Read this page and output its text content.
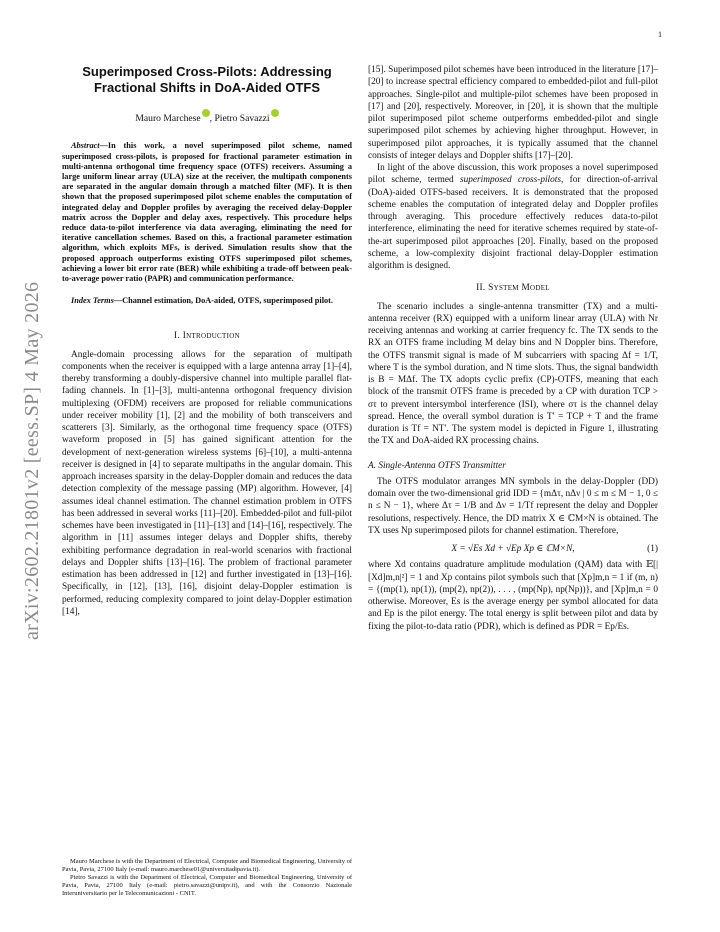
1
arXiv:2602.21801v2 [eess.SP] 4 May 2026
Superimposed Cross-Pilots: Addressing Fractional Shifts in DoA-Aided OTFS
Mauro Marchese , Pietro Savazzi

Abstract—In this work, a novel superimposed pilot scheme, named superimposed cross-pilots, is proposed for fractional parameter estimation in multi-antenna orthogonal time frequency space (OTFS) receivers. Assuming a large uniform linear array (ULA) size at the receiver, the multipath components are separated in the angular domain through a matched filter (MF). It is then shown that the proposed superimposed pilot scheme enables the computation of integrated delay and Doppler profiles by averaging the received delay-Doppler matrix across the Doppler and delay axes, respectively. This procedure helps reduce data-to-pilot interference via data averaging, eliminating the need for iterative cancellation schemes. Based on this, a fractional parameter estimation algorithm, which exploits MFs, is derived. Simulation results show that the proposed approach outperforms existing OTFS superimposed pilot schemes, achieving a lower bit error rate (BER) while exhibiting a trade-off between peak-to-average power ratio (PAPR) and communication performance.

Index Terms—Channel estimation, DoA-aided, OTFS, superimposed pilot.

I. Introduction

Angle-domain processing allows for the separation of multipath components when the receiver is equipped with a large antenna array [1]–[4], thereby transforming a doubly-dispersive channel into multiple parallel flat-fading channels. In [1]–[3], multi-antenna orthogonal frequency division multiplexing (OFDM) receivers are proposed for reliable communications under receiver mobility [1], [2] and the mobility of both transceivers and scatterers [3]. Similarly, as the orthogonal time frequency space (OTFS) waveform proposed in [5] has gained significant attention for the development of next-generation wireless systems [6]–[10], a multi-antenna receiver is designed in [4] to separate multipaths in the angular domain. This approach increases sparsity in the delay-Doppler domain and reduces the data detection complexity of the message passing (MP) algorithm. However, [4] assumes ideal channel estimation. The channel estimation problem in OTFS has been addressed in several works [11]–[20]. Embedded-pilot and full-pilot schemes have been investigated in [11]–[13] and [14]–[16], respectively. The algorithm in [11] assumes integer delays and Doppler shifts, thereby exhibiting performance degradation in real-world scenarios with fractional delays and Doppler shifts [13]–[16]. The problem of fractional parameter estimation has been addressed in [12] and further investigated in [13]–[16]. Specifically, in [12], [13], [16], disjoint delay-Doppler estimation is performed, reducing complexity compared to joint delay-Doppler estimation [14],

Mauro Marchese is with the Department of Electrical, Computer and Biomedical Engineering, University of Pavia, Pavia, 27100 Italy (e-mail: mauro.marchese01@universitadipavia.it).

Pietro Savazzi is with the Department of Electrical, Computer and Biomedical Engineering, University of Pavia, Pavia, 27100 Italy (e-mail: pietro.savazzi@unipv.it), and with the Consorzio Nazionale Interuniversitario per le Telecomunicazioni - CNIT.

[15]. Superimposed pilot schemes have been introduced in the literature [17]–[20] to increase spectral efficiency compared to embedded-pilot and full-pilot approaches. Single-pilot and multiple-pilot schemes have been proposed in [17] and [20], respectively. Moreover, in [20], it is shown that the multiple pilot superimposed pilot scheme outperforms embedded-pilot and single superimposed pilot schemes by achieving higher throughput. However, in superimposed pilot approaches, it is typically assumed that the channel consists of integer delays and Doppler shifts [17]–[20].

In light of the above discussion, this work proposes a novel superimposed pilot scheme, termed superimposed cross-pilots, for direction-of-arrival (DoA)-aided OTFS-based receivers. It is demonstrated that the proposed scheme enables the computation of integrated delay and Doppler profiles through averaging. This procedure effectively reduces data-to-pilot interference, eliminating the need for iterative schemes required by state-of-the-art superimposed pilot approaches [20]. Finally, based on the proposed scheme, a low-complexity disjoint fractional delay-Doppler estimation algorithm is designed.

II. System Model

The scenario includes a single-antenna transmitter (TX) and a multi-antenna receiver (RX) equipped with a uniform linear array (ULA) with Nr receiving antennas and working at carrier frequency fc. The TX sends to the RX an OTFS frame including M delay bins and N Doppler bins. Therefore, the OTFS transmit signal is made of M subcarriers with spacing Δf = 1/T, where T is the symbol duration, and N time slots. Thus, the signal bandwidth is B = MΔf. The TX adopts cyclic prefix (CP)-OTFS, meaning that each block of the transmit OTFS frame is preceded by a CP with duration TCP > στ to prevent intersymbol interference (ISI), where στ is the channel delay spread. Hence, the overall symbol duration is T′ = TCP + T and the frame duration is Tf = NT′. The system model is depicted in Figure 1, illustrating the TX and DoA-aided RX processing chains.

A. Single-Antenna OTFS Transmitter

The OTFS modulator arranges MN symbols in the delay-Doppler (DD) domain over the two-dimensional grid IDD = {mΔτ, nΔν | 0 ≤ m ≤ M − 1, 0 ≤ n ≤ N − 1}, where Δτ = 1/B and Δν = 1/Tf represent the delay and Doppler resolutions, respectively. Hence, the DD matrix X ∈ ℂM×N is obtained. The TX uses Np superimposed pilots for channel estimation. Therefore,

X = √Es Xd + √Ep Xp ∈ ℂM×N,	(1)

where Xd contains quadrature amplitude modulation (QAM) data with 𝔼[|[Xd]m,n|²] = 1 and Xp contains pilot symbols such that [Xp]m,n = 1 if (m, n) = {(mp(1), np(1)), (mp(2), np(2)), . . . , (mp(Np), np(Np))}, and [Xp]m,n = 0 otherwise. Moreover, Es is the average energy per symbol allocated for data and Ep is the pilot energy. The total energy is split between pilot and data by fixing the pilot-to-data ratio (PDR), which is defined as PDR = Ep/Es.
